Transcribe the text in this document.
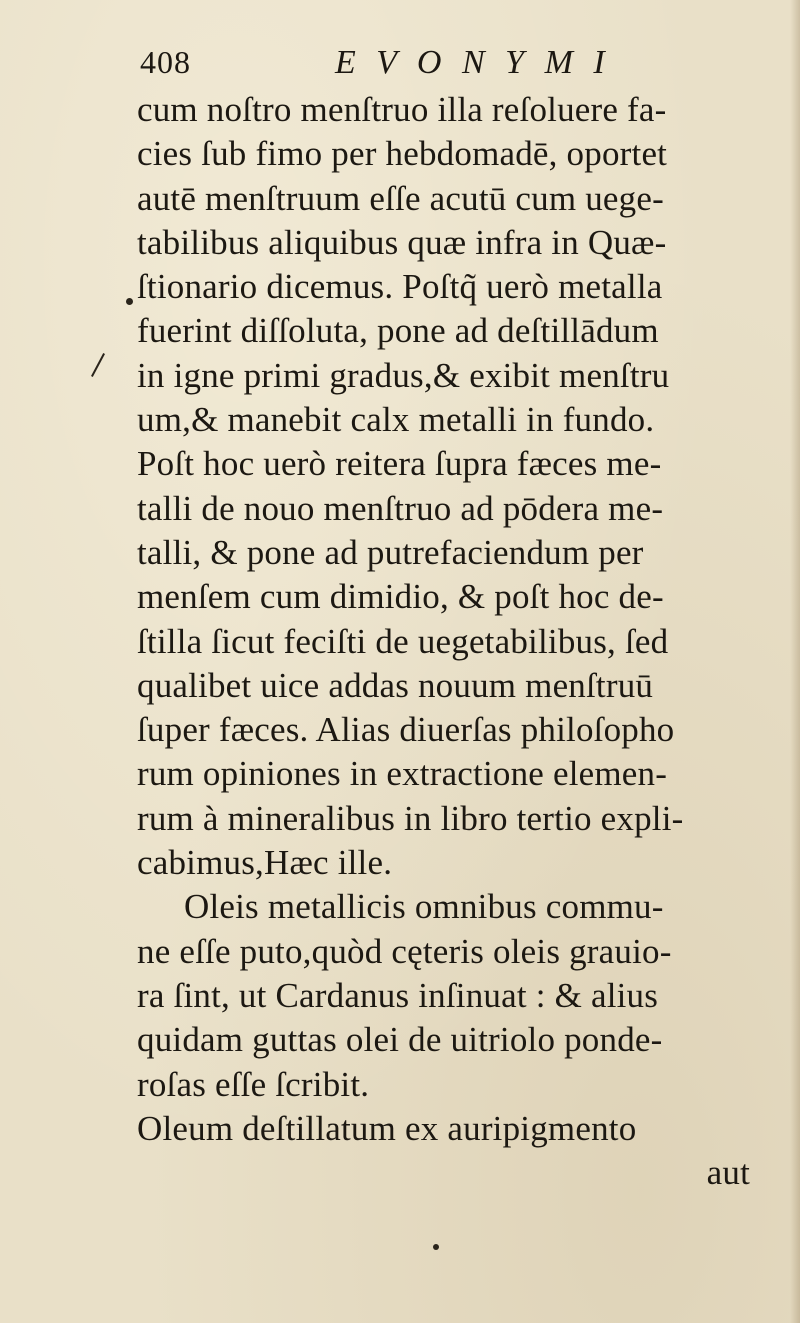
408	E V O N Y M I
cum noſtro menſtruo illa reſoluere fa-
cies ſub fimo per hebdomadē, oportet
autē menſtruum eſſe acutū cum uege-
tabilibus aliquibus quæ infra in Quæ-
ſtionario dicemus. Poſtq̃ uerò metalla
fuerint diſſoluta, pone ad deſtillādum
in igne primi gradus,& exibit menſtru
um,& manebit calx metalli in fundo.
Poſt hoc uerò reitera ſupra fæces me-
talli de nouo menſtruo ad pōdera me-
talli, & pone ad putrefaciendum per
menſem cum dimidio, & poſt hoc de-
ſtilla ſicut feciſti de uegetabilibus, ſed
qualibet uice addas nouum menſtruū
ſuper fæces. Alias diuerſas philoſopho
rum opiniones in extractione elemen-
rum à mineralibus in libro tertio expli-
cabimus,Hæc ille.
Oleis metallicis omnibus commu-
ne eſſe puto,quòd cęteris oleis grauio-
ra ſint, ut Cardanus inſinuat : & alius
quidam guttas olei de uitriolo ponde-
roſas eſſe ſcribit.
Oleum deſtillatum ex auripigmento
aut
